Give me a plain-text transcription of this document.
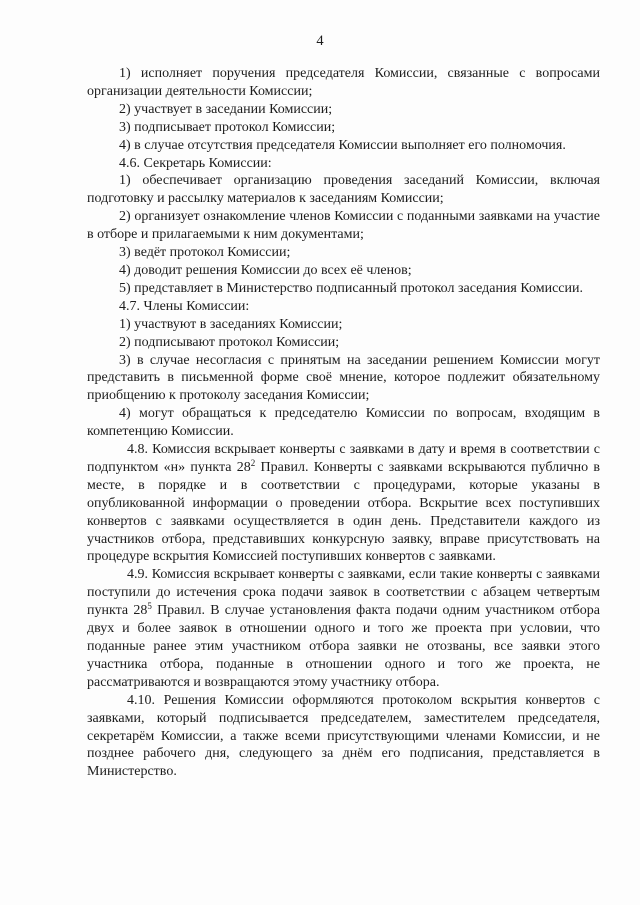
4

1) исполняет поручения председателя Комиссии, связанные с вопросами организации деятельности Комиссии;

2) участвует в заседании Комиссии;

3) подписывает протокол Комиссии;

4) в случае отсутствия председателя Комиссии выполняет его полномочия.

4.6. Секретарь Комиссии:

1) обеспечивает организацию проведения заседаний Комиссии, включая подготовку и рассылку материалов к заседаниям Комиссии;

2) организует ознакомление членов Комиссии с поданными заявками на участие в отборе и прилагаемыми к ним документами;

3) ведёт протокол Комиссии;

4) доводит решения Комиссии до всех её членов;

5) представляет в Министерство подписанный протокол заседания Комиссии.

4.7. Члены Комиссии:

1) участвуют в заседаниях Комиссии;

2) подписывают протокол Комиссии;

3) в случае несогласия с принятым на заседании решением Комиссии могут представить в письменной форме своё мнение, которое подлежит обязательному приобщению к протоколу заседания Комиссии;

4) могут обращаться к председателю Комиссии по вопросам, входящим в компетенцию Комиссии.

4.8. Комиссия вскрывает конверты с заявками в дату и время в соответствии с подпунктом «н» пункта $28^2$ Правил. Конверты с заявками вскрываются публично в месте, в порядке и в соответствии с процедурами, которые указаны в опубликованной информации о проведении отбора. Вскрытие всех поступивших конвертов с заявками осуществляется в один день. Представители каждого из участников отбора, представивших конкурсную заявку, вправе присутствовать на процедуре вскрытия Комиссией поступивших конвертов с заявками.

4.9. Комиссия вскрывает конверты с заявками, если такие конверты с заявками поступили до истечения срока подачи заявок в соответствии с абзацем четвертым пункта $28^5$ Правил. В случае установления факта подачи одним участником отбора двух и более заявок в отношении одного и того же проекта при условии, что поданные ранее этим участником отбора заявки не отозваны, все заявки этого участника отбора, поданные в отношении одного и того же проекта, не рассматриваются и возвращаются этому участнику отбора.

4.10. Решения Комиссии оформляются протоколом вскрытия конвертов с заявками, который подписывается председателем, заместителем председателя, секретарём Комиссии, а также всеми присутствующими членами Комиссии, и не позднее рабочего дня, следующего за днём его подписания, представляется в Министерство.
